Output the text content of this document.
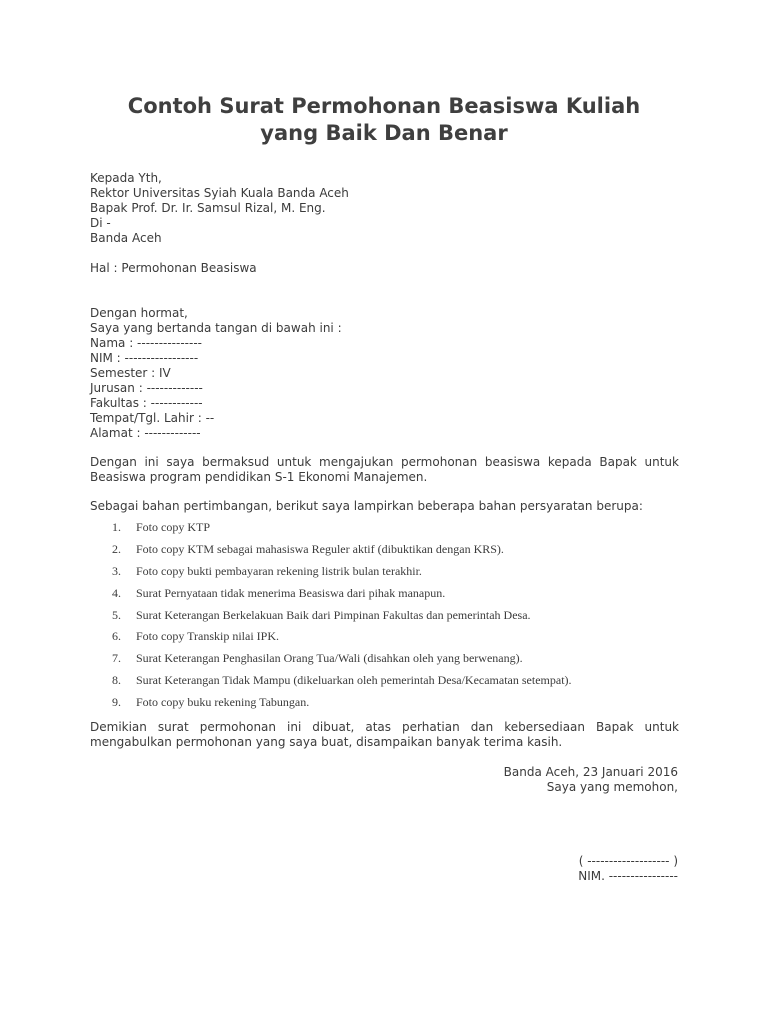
Contoh Surat Permohonan Beasiswa Kuliah
yang Baik Dan Benar
Kepada Yth,
Rektor Universitas Syiah Kuala Banda Aceh
Bapak Prof. Dr. Ir. Samsul Rizal, M. Eng.
Di -
Banda Aceh
Hal : Permohonan Beasiswa
Dengan hormat,
Saya yang bertanda tangan di bawah ini :
Nama : ---------------
NIM : -----------------
Semester : IV
Jurusan : -------------
Fakultas : ------------
Tempat/Tgl. Lahir : --
Alamat : -------------
Dengan ini saya bermaksud untuk mengajukan permohonan beasiswa kepada Bapak untuk Beasiswa program pendidikan S-1 Ekonomi Manajemen.
Sebagai bahan pertimbangan, berikut saya lampirkan beberapa bahan persyaratan berupa:
1. Foto copy KTP
2. Foto copy KTM sebagai mahasiswa Reguler aktif (dibuktikan dengan KRS).
3. Foto copy bukti pembayaran rekening listrik bulan terakhir.
4. Surat Pernyataan tidak menerima Beasiswa dari pihak manapun.
5. Surat Keterangan Berkelakuan Baik dari Pimpinan Fakultas dan pemerintah Desa.
6. Foto copy Transkip nilai IPK.
7. Surat Keterangan Penghasilan Orang Tua/Wali (disahkan oleh yang berwenang).
8. Surat Keterangan Tidak Mampu (dikeluarkan oleh pemerintah Desa/Kecamatan setempat).
9. Foto copy buku rekening Tabungan.
Demikian surat permohonan ini dibuat, atas perhatian dan kebersediaan Bapak untuk mengabulkan permohonan yang saya buat, disampaikan banyak terima kasih.
Banda Aceh, 23 Januari 2016
Saya yang memohon,
( ------------------- )
NIM. ----------------
